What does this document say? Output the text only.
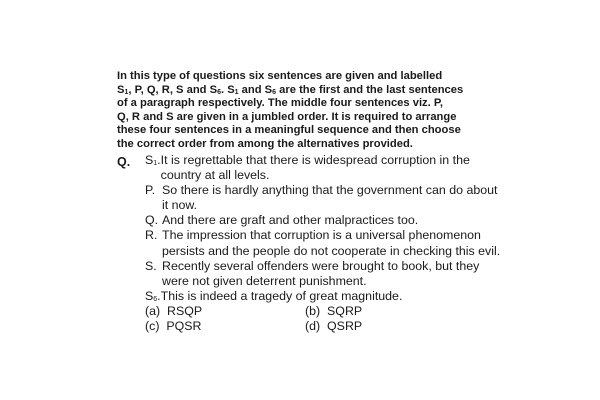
In this type of questions six sentences are given and labelled
$S_1$, P, Q, R, S and $S_6$. $S_1$ and $S_6$ are the first and the last sentences
of a paragraph respectively. The middle four sentences viz. P,
Q, R and S are given in a jumbled order. It is required to arrange
these four sentences in a meaningful sequence and then choose
the correct order from among the alternatives provided.
Q. $S_1$. It is regrettable that there is widespread corruption in the country at all levels.
P. So there is hardly anything that the government can do about it now.
Q. And there are graft and other malpractices too.
R. The impression that corruption is a universal phenomenon persists and the people do not cooperate in checking this evil.
S. Recently several offenders were brought to book, but they were not given deterrent punishment.
$S_6$. This is indeed a tragedy of great magnitude.
(a) RSQP	(b) SQRP
(c) PQSR	(d) QSRP
